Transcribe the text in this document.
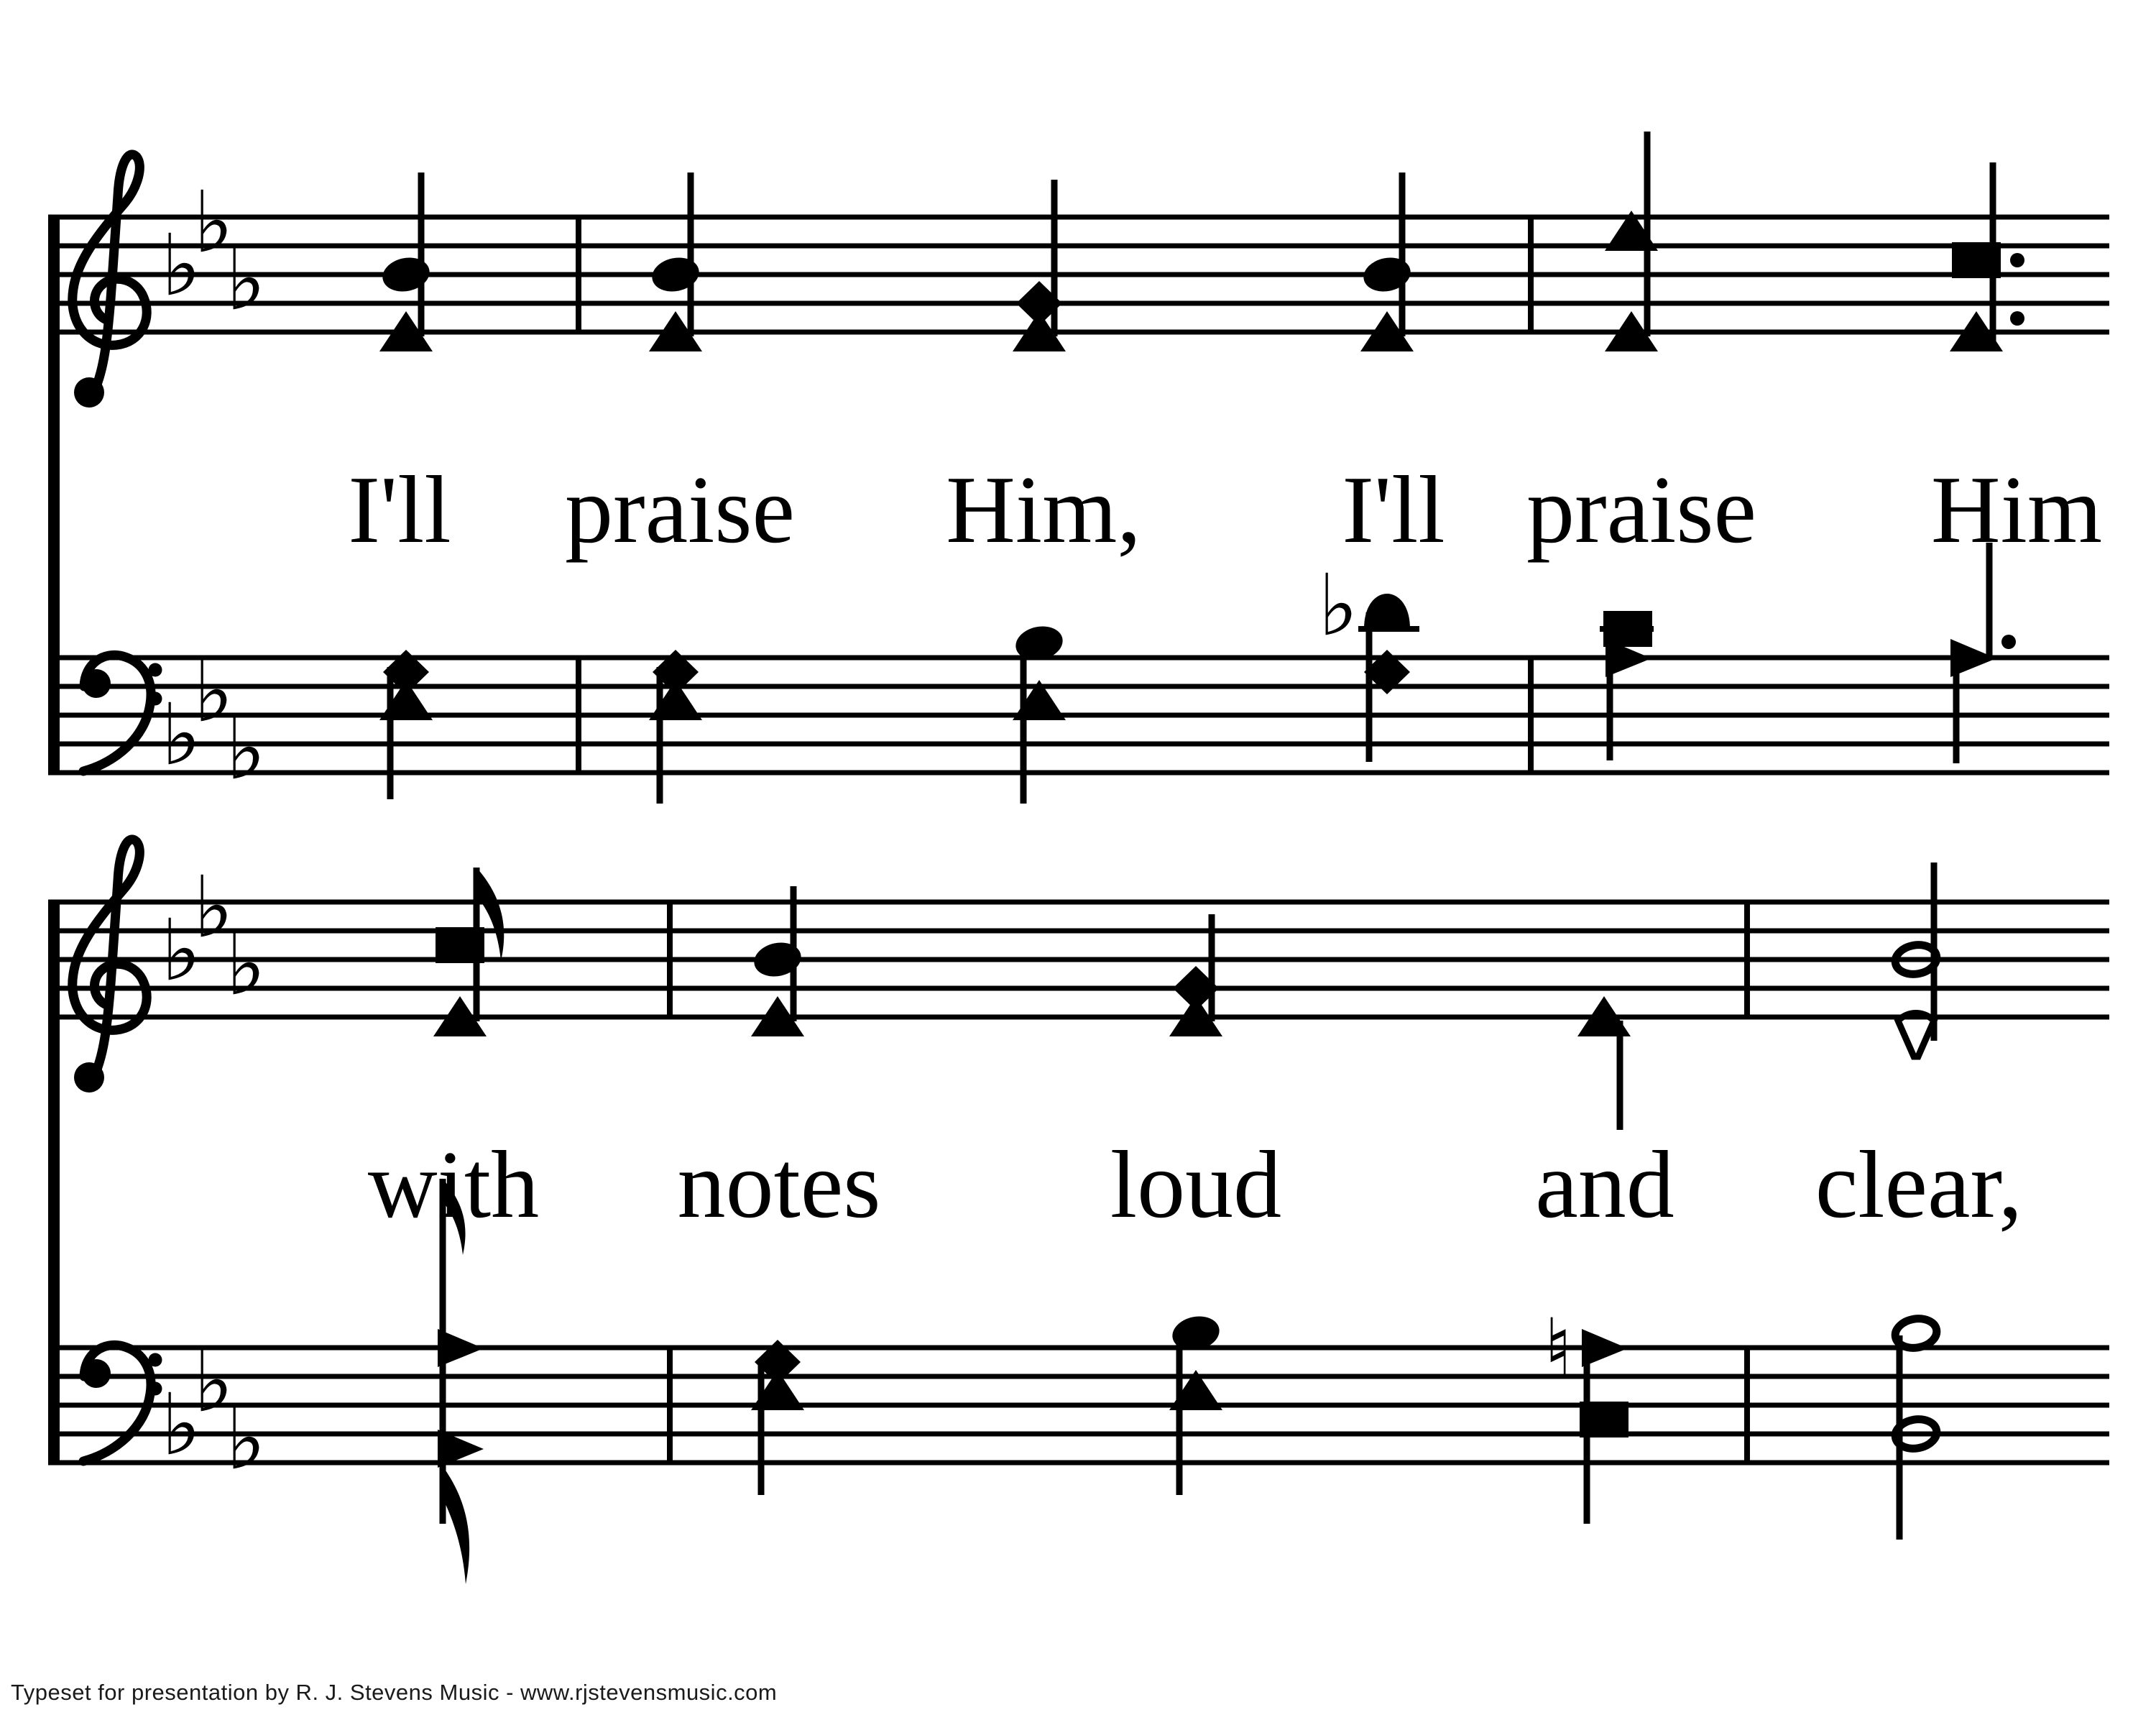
♭
♭
♭
♭
♭
♭
♭
♭
♭
♭
♭
♭
♭
♮
I'll praise Him, I'll praise Him
with notes loud	and clear,
Typeset for presentation by R. J. Stevens Music - www.rjstevensmusic.com
